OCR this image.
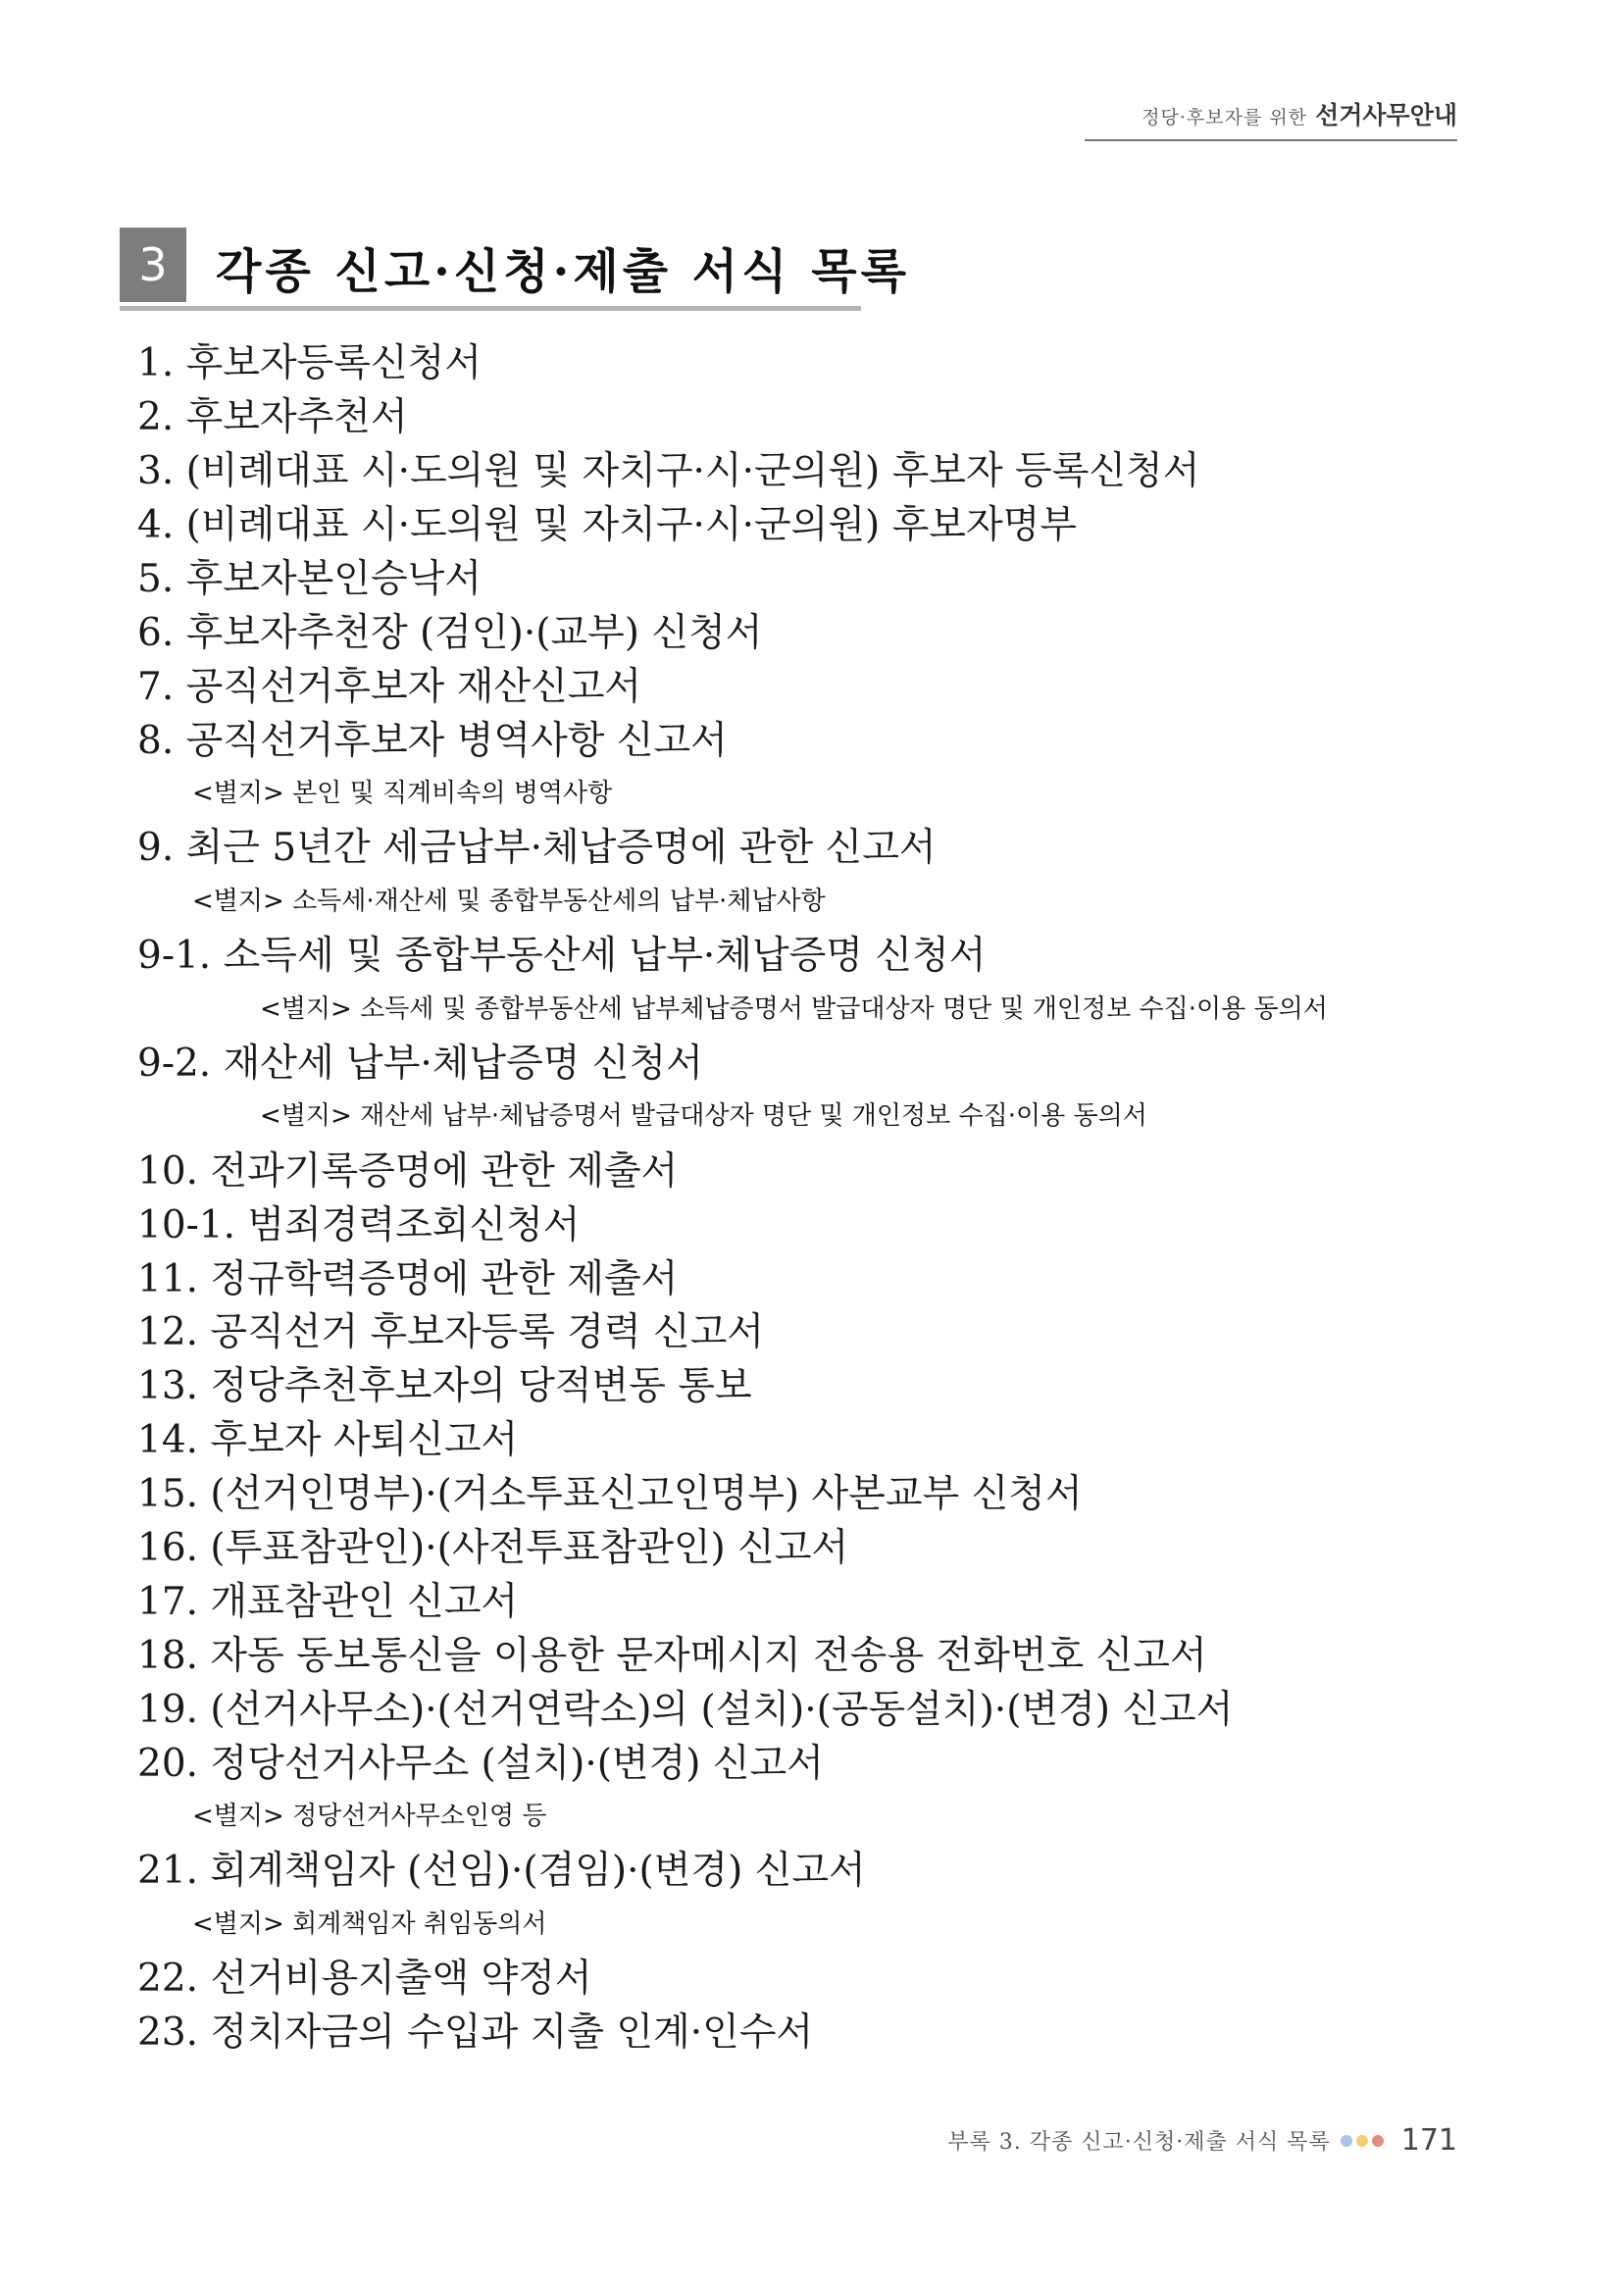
정당·후보자를 위한 선거사무안내
3	각종 신고·신청·제출 서식 목록
1. 후보자등록신청서
2. 후보자추천서
3. (비례대표 시·도의원 및 자치구·시·군의원) 후보자 등록신청서
4. (비례대표 시·도의원 및 자치구·시·군의원) 후보자명부
5. 후보자본인승낙서
6. 후보자추천장 (검인)·(교부) 신청서
7. 공직선거후보자 재산신고서
8. 공직선거후보자 병역사항 신고서
<별지> 본인 및 직계비속의 병역사항
9. 최근 5년간 세금납부·체납증명에 관한 신고서
<별지> 소득세·재산세 및 종합부동산세의 납부·체납사항
9-1. 소득세 및 종합부동산세 납부·체납증명 신청서
<별지> 소득세 및 종합부동산세 납부체납증명서 발급대상자 명단 및 개인정보 수집·이용 동의서
9-2. 재산세 납부·체납증명 신청서
<별지> 재산세 납부·체납증명서 발급대상자 명단 및 개인정보 수집·이용 동의서
10. 전과기록증명에 관한 제출서
10-1. 범죄경력조회신청서
11. 정규학력증명에 관한 제출서
12. 공직선거 후보자등록 경력 신고서
13. 정당추천후보자의 당적변동 통보
14. 후보자 사퇴신고서
15. (선거인명부)·(거소투표신고인명부) 사본교부 신청서
16. (투표참관인)·(사전투표참관인) 신고서
17. 개표참관인 신고서
18. 자동 동보통신을 이용한 문자메시지 전송용 전화번호 신고서
19. (선거사무소)·(선거연락소)의 (설치)·(공동설치)·(변경) 신고서
20. 정당선거사무소 (설치)·(변경) 신고서
<별지> 정당선거사무소인영 등
21. 회계책임자 (선임)·(겸임)·(변경) 신고서
<별지> 회계책임자 취임동의서
22. 선거비용지출액 약정서
23. 정치자금의 수입과 지출 인계·인수서
부록 3. 각종 신고·신청·제출 서식 목록 171
